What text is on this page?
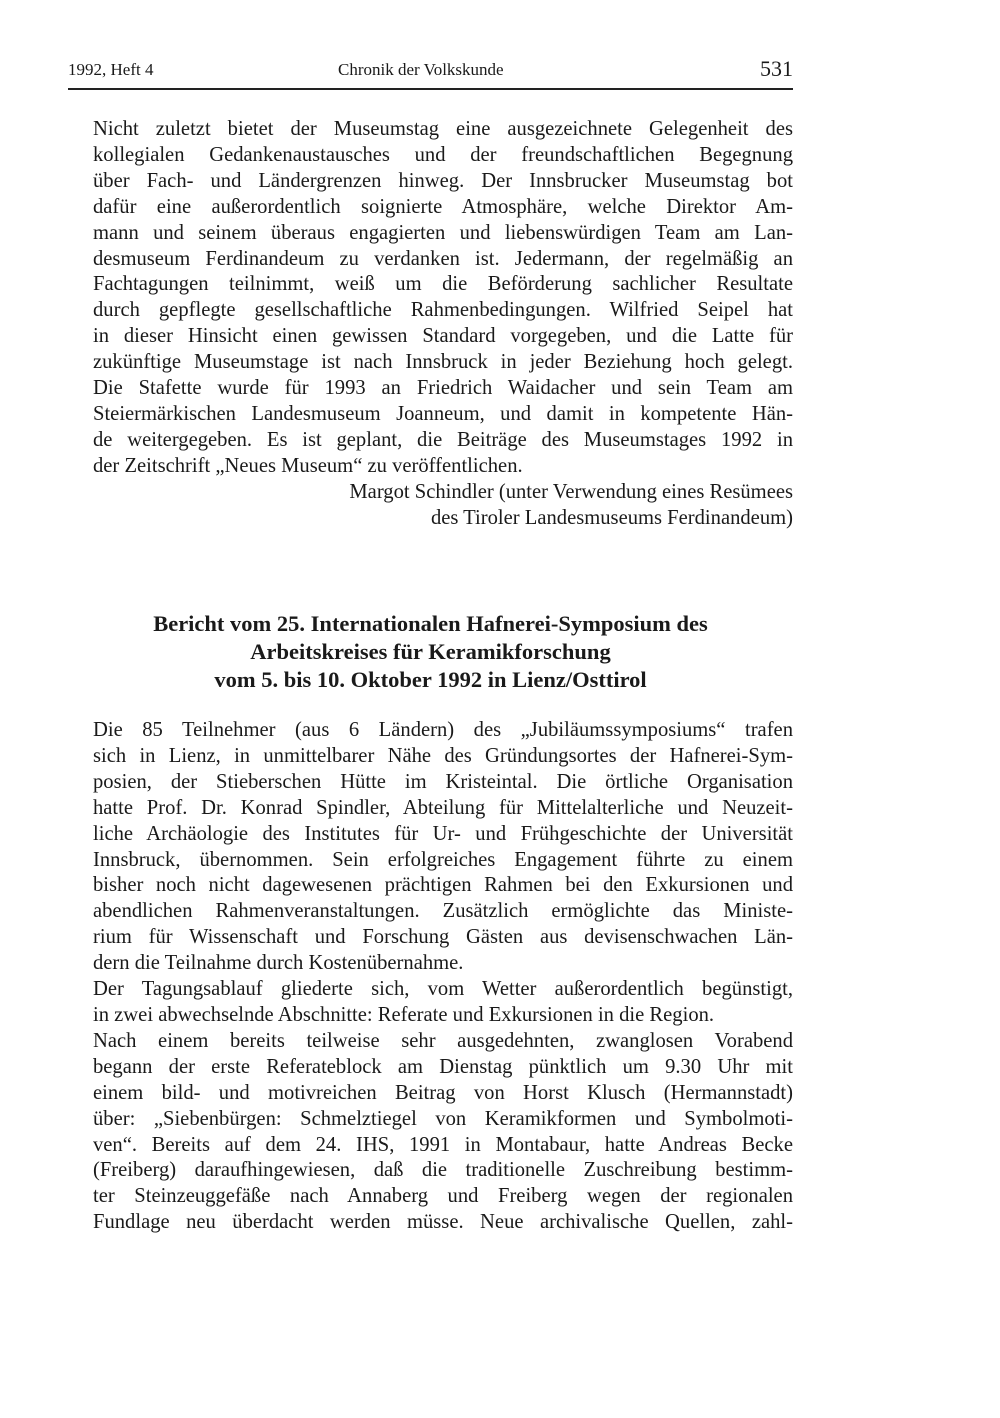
1992, Heft 4	Chronik der Volkskunde	531
Nicht zuletzt bietet der Museumstag eine ausgezeichnete Gelegenheit des
kollegialen Gedankenaustausches und der freundschaftlichen Begegnung
über Fach- und Ländergrenzen hinweg. Der Innsbrucker Museumstag bot
dafür eine außerordentlich soignierte Atmosphäre, welche Direktor Am-
mann und seinem überaus engagierten und liebenswürdigen Team am Lan-
desmuseum Ferdinandeum zu verdanken ist. Jedermann, der regelmäßig an
Fachtagungen teilnimmt, weiß um die Beförderung sachlicher Resultate
durch gepflegte gesellschaftliche Rahmenbedingungen. Wilfried Seipel hat
in dieser Hinsicht einen gewissen Standard vorgegeben, und die Latte für
zukünftige Museumstage ist nach Innsbruck in jeder Beziehung hoch gelegt.
Die Stafette wurde für 1993 an Friedrich Waidacher und sein Team am
Steiermärkischen Landesmuseum Joanneum, und damit in kompetente Hän-
de weitergegeben. Es ist geplant, die Beiträge des Museumstages 1992 in
der Zeitschrift „Neues Museum“ zu veröffentlichen.
Margot Schindler (unter Verwendung eines Resümees
des Tiroler Landesmuseums Ferdinandeum)
Bericht vom 25. Internationalen Hafnerei-Symposium des
Arbeitskreises für Keramikforschung
vom 5. bis 10. Oktober 1992 in Lienz/Osttirol
Die 85 Teilnehmer (aus 6 Ländern) des „Jubiläumssymposiums“ trafen
sich in Lienz, in unmittelbarer Nähe des Gründungsortes der Hafnerei-Sym-
posien, der Stieberschen Hütte im Kristeintal. Die örtliche Organisation
hatte Prof. Dr. Konrad Spindler, Abteilung für Mittelalterliche und Neuzeit-
liche Archäologie des Institutes für Ur- und Frühgeschichte der Universität
Innsbruck, übernommen. Sein erfolgreiches Engagement führte zu einem
bisher noch nicht dagewesenen prächtigen Rahmen bei den Exkursionen und
abendlichen Rahmenveranstaltungen. Zusätzlich ermöglichte das Ministe-
rium für Wissenschaft und Forschung Gästen aus devisenschwachen Län-
dern die Teilnahme durch Kostenübernahme.
Der Tagungsablauf gliederte sich, vom Wetter außerordentlich begünstigt,
in zwei abwechselnde Abschnitte: Referate und Exkursionen in die Region.
Nach einem bereits teilweise sehr ausgedehnten, zwanglosen Vorabend
begann der erste Referateblock am Dienstag pünktlich um 9.30 Uhr mit
einem bild- und motivreichen Beitrag von Horst Klusch (Hermannstadt)
über: „Siebenbürgen: Schmelztiegel von Keramikformen und Symbolmoti-
ven“. Bereits auf dem 24. IHS, 1991 in Montabaur, hatte Andreas Becke
(Freiberg) daraufhingewiesen, daß die traditionelle Zuschreibung bestimm-
ter Steinzeuggefäße nach Annaberg und Freiberg wegen der regionalen
Fundlage neu überdacht werden müsse. Neue archivalische Quellen, zahl-
